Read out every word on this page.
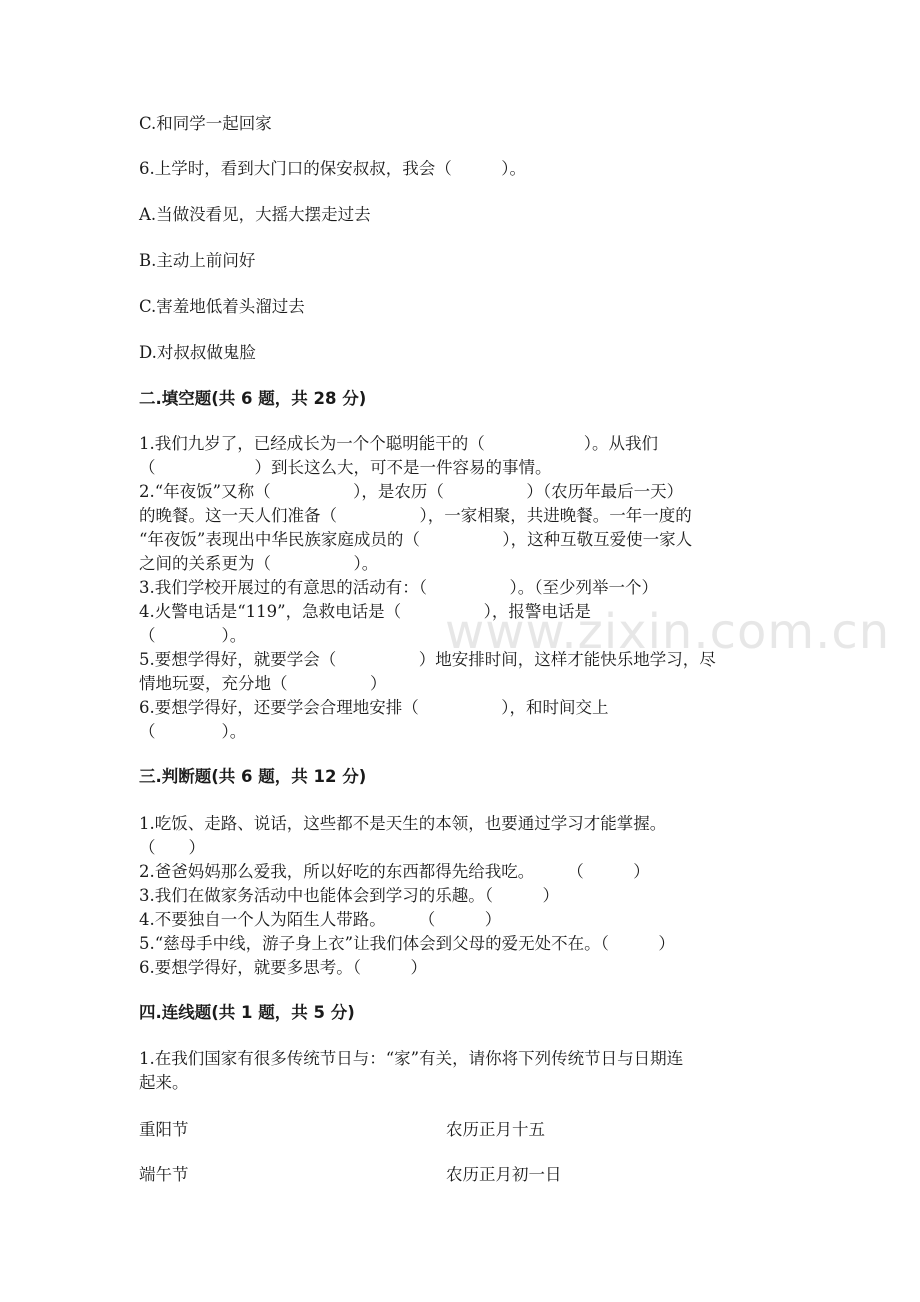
www.zixin.com.cn

C.和同学一起回家

6.上学时，看到大门口的保安叔叔，我会（　　　）。

A.当做没看见，大摇大摆走过去

B.主动上前问好

C.害羞地低着头溜过去

D.对叔叔做鬼脸

二.填空题(共 6 题，共 28 分)

1.我们九岁了，已经成长为一个个聪明能干的（　　　　　　）。从我们

（　　　　　　）到长这么大，可不是一件容易的事情。

2.“年夜饭”又称（　　　　　），是农历（　　　　　）（农历年最后一天）

的晚餐。这一天人们准备（　　　　　），一家相聚，共进晚餐。一年一度的

“年夜饭”表现出中华民族家庭成员的（　　　　　），这种互敬互爱使一家人

之间的关系更为（　　　　　）。

3.我们学校开展过的有意思的活动有：（　　　　　）。（至少列举一个）

4.火警电话是“119”，急救电话是（　　　　　），报警电话是

（　　　　）。

5.要想学得好，就要学会（　　　　　）地安排时间，这样才能快乐地学习，尽

情地玩耍，充分地（　　　　　）

6.要想学得好，还要学会合理地安排（　　　　　），和时间交上

（　　　　）。

三.判断题(共 6 题，共 12 分)

1.吃饭、走路、说话，这些都不是天生的本领，也要通过学习才能掌握。

（　　）

2.爸爸妈妈那么爱我，所以好吃的东西都得先给我吃。　　　（　　　）

3.我们在做家务活动中也能体会到学习的乐趣。（　　　）

4.不要独自一个人为陌生人带路。　　　（　　　）

5.“慈母手中线，游子身上衣”让我们体会到父母的爱无处不在。（　　　）

6.要想学得好，就要多思考。（　　　）

四.连线题(共 1 题，共 5 分)

1.在我们国家有很多传统节日与：“家”有关，请你将下列传统节日与日期连

起来。

重阳节	农历正月十五

端午节	农历正月初一日
